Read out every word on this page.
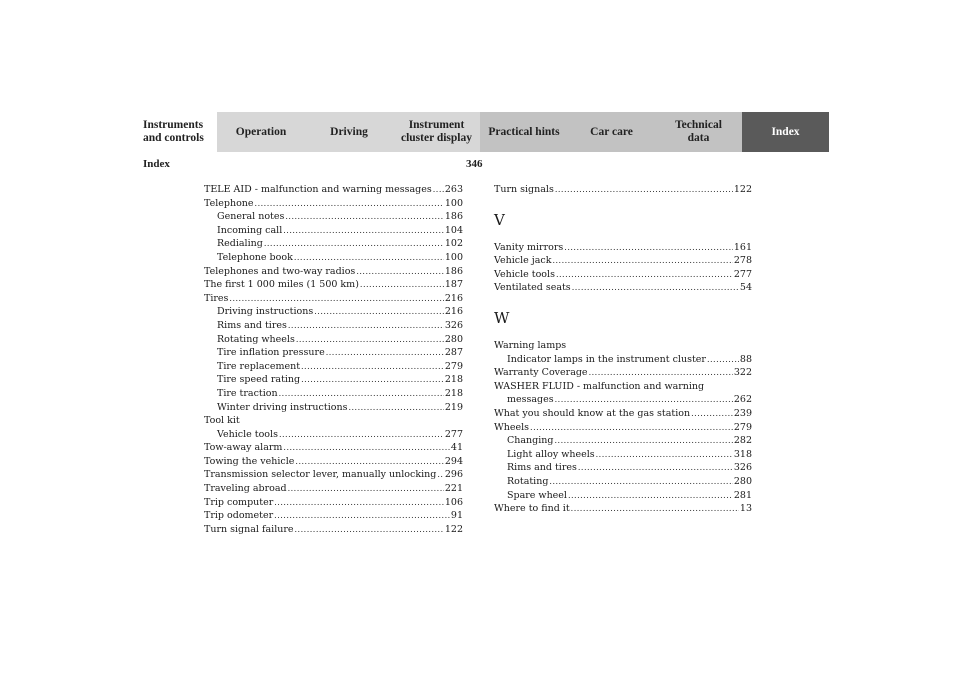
Instruments
and controls
Operation	Driving
Instrument
cluster display
Practical hints	Car care
Technical
data
Index
Index	346
TELE AID - malfunction and warning messages ..... 263
Telephone .....	100
General notes .....	186
Incoming call .....	104
Redialing .....	102
Telephone book .....	100
Telephones and two-way radios .....	186
The first 1 000 miles (1 500 km) .....	187
Tires .....	216
Driving instructions .....	216
Rims and tires .....	326
Rotating wheels .....	280
Tire inflation pressure .....	287
Tire replacement .....	279
Tire speed rating .....	218
Tire traction .....	218
Winter driving instructions .....	219
Tool kit
Vehicle tools .....	277
Tow-away alarm .....	41
Towing the vehicle .....	294
Transmission selector lever, manually unlocking ..... 296
Traveling abroad .....	221
Trip computer .....	106
Trip odometer .....	91
Turn signal failure .....	122
Turn signals .....	122
V
Vanity mirrors .....	161
Vehicle jack .....	278
Vehicle tools .....	277
Ventilated seats .....	54
W
Warning lamps
Indicator lamps in the instrument cluster .....	88
Warranty Coverage .....	322
WASHER FLUID - malfunction and warning
messages .....	262
What you should know at the gas station .....	239
Wheels .....	279
Changing .....	282
Light alloy wheels .....	318
Rims and tires .....	326
Rotating .....	280
Spare wheel .....	281
Where to find it .....	13
